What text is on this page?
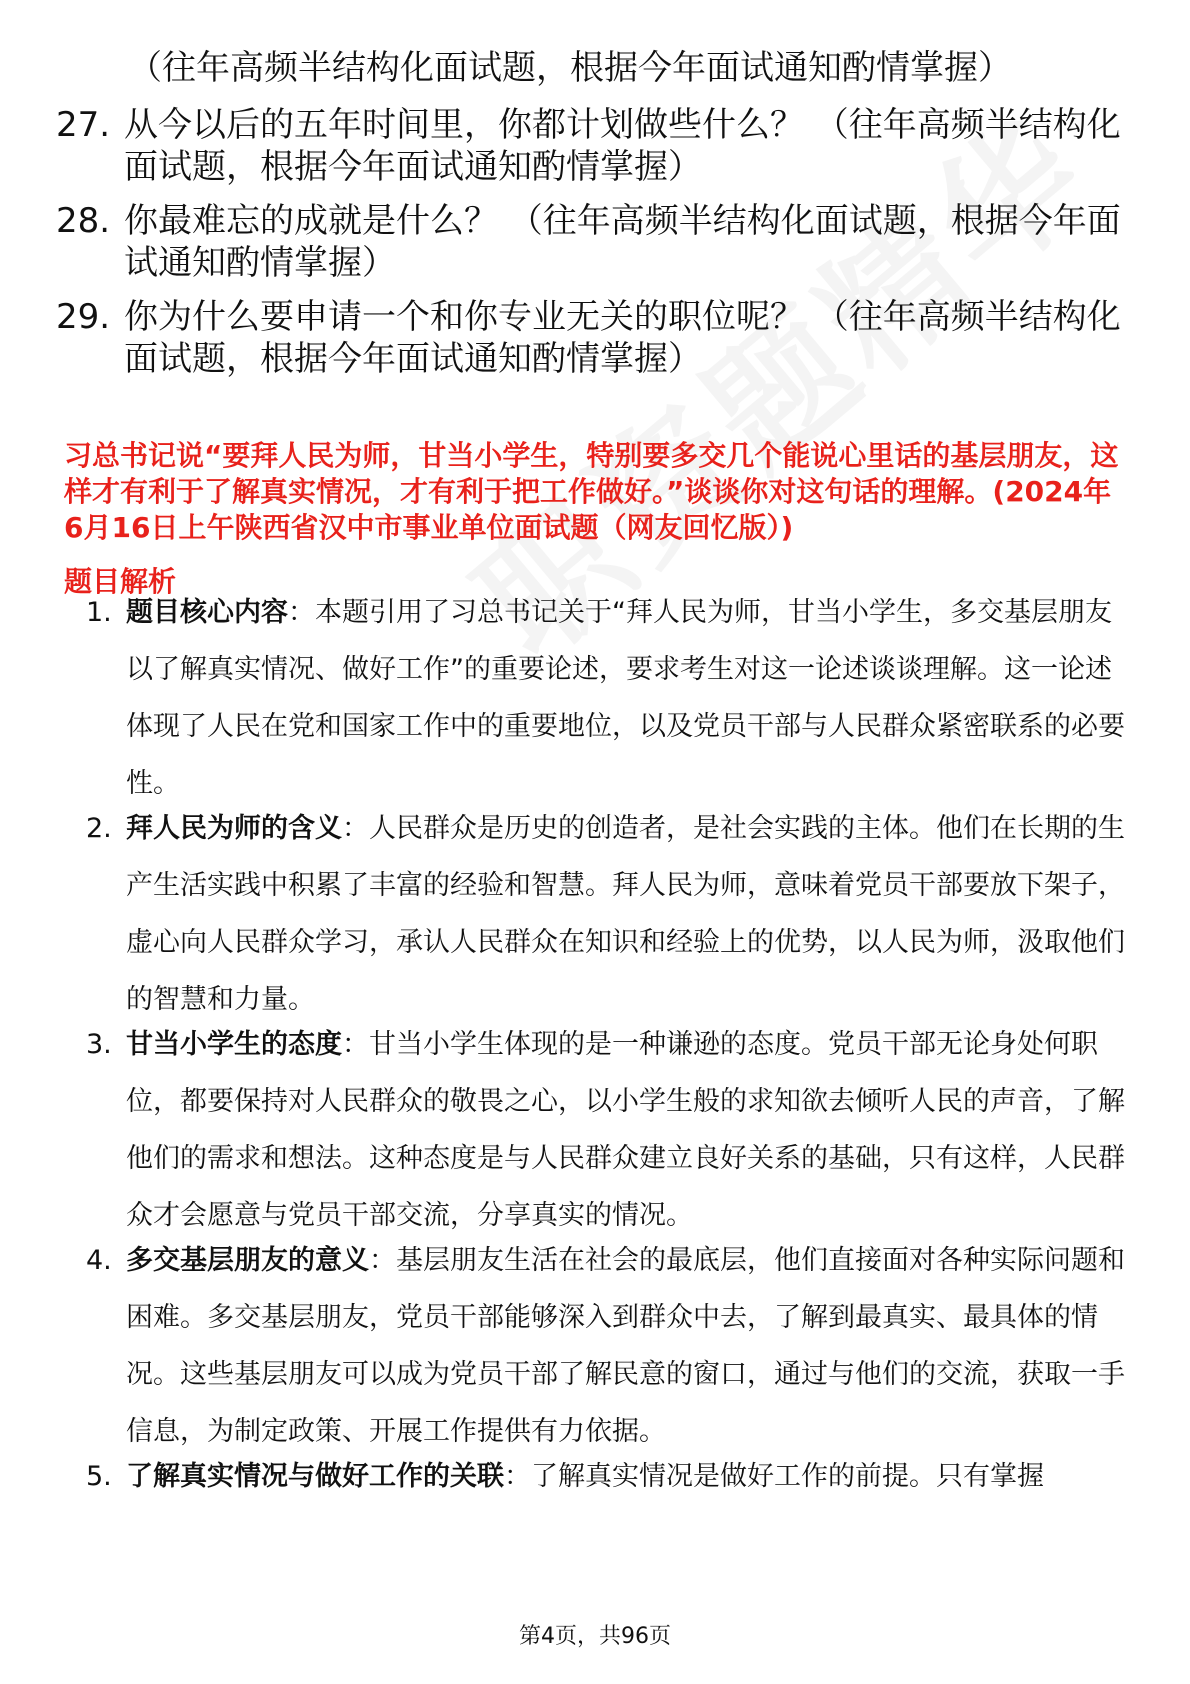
（往年高频半结构化面试题，根据今年面试通知酌情掌握）
27. 从今以后的五年时间里，你都计划做些什么？ （往年高频半结构化面试题，根据今年面试通知酌情掌握）
28. 你最难忘的成就是什么？ （往年高频半结构化面试题，根据今年面试通知酌情掌握）
29. 你为什么要申请一个和你专业无关的职位呢？ （往年高频半结构化面试题，根据今年面试通知酌情掌握）
习总书记说“要拜人民为师，甘当小学生，特别要多交几个能说心里话的基层朋友，这样才有利于了解真实情况，才有利于把工作做好。”谈谈你对这句话的理解。(2024年6月16日上午陕西省汉中市事业单位面试题（网友回忆版）)
题目解析
1. 题目核心内容：本题引用了习总书记关于“拜人民为师，甘当小学生，多交基层朋友以了解真实情况、做好工作”的重要论述，要求考生对这一论述谈谈理解。这一论述体现了人民在党和国家工作中的重要地位，以及党员干部与人民群众紧密联系的必要性。
2. 拜人民为师的含义：人民群众是历史的创造者，是社会实践的主体。他们在长期的生产生活实践中积累了丰富的经验和智慧。拜人民为师，意味着党员干部要放下架子，虚心向人民群众学习，承认人民群众在知识和经验上的优势，以人民为师，汲取他们的智慧和力量。
3. 甘当小学生的态度：甘当小学生体现的是一种谦逊的态度。党员干部无论身处何职位，都要保持对人民群众的敬畏之心，以小学生般的求知欲去倾听人民的声音，了解他们的需求和想法。这种态度是与人民群众建立良好关系的基础，只有这样，人民群众才会愿意与党员干部交流，分享真实的情况。
4. 多交基层朋友的意义：基层朋友生活在社会的最底层，他们直接面对各种实际问题和困难。多交基层朋友，党员干部能够深入到群众中去，了解到最真实、最具体的情况。这些基层朋友可以成为党员干部了解民意的窗口，通过与他们的交流，获取一手信息，为制定政策、开展工作提供有力依据。
5. 了解真实情况与做好工作的关联：了解真实情况是做好工作的前提。只有掌握
第4页，共96页
